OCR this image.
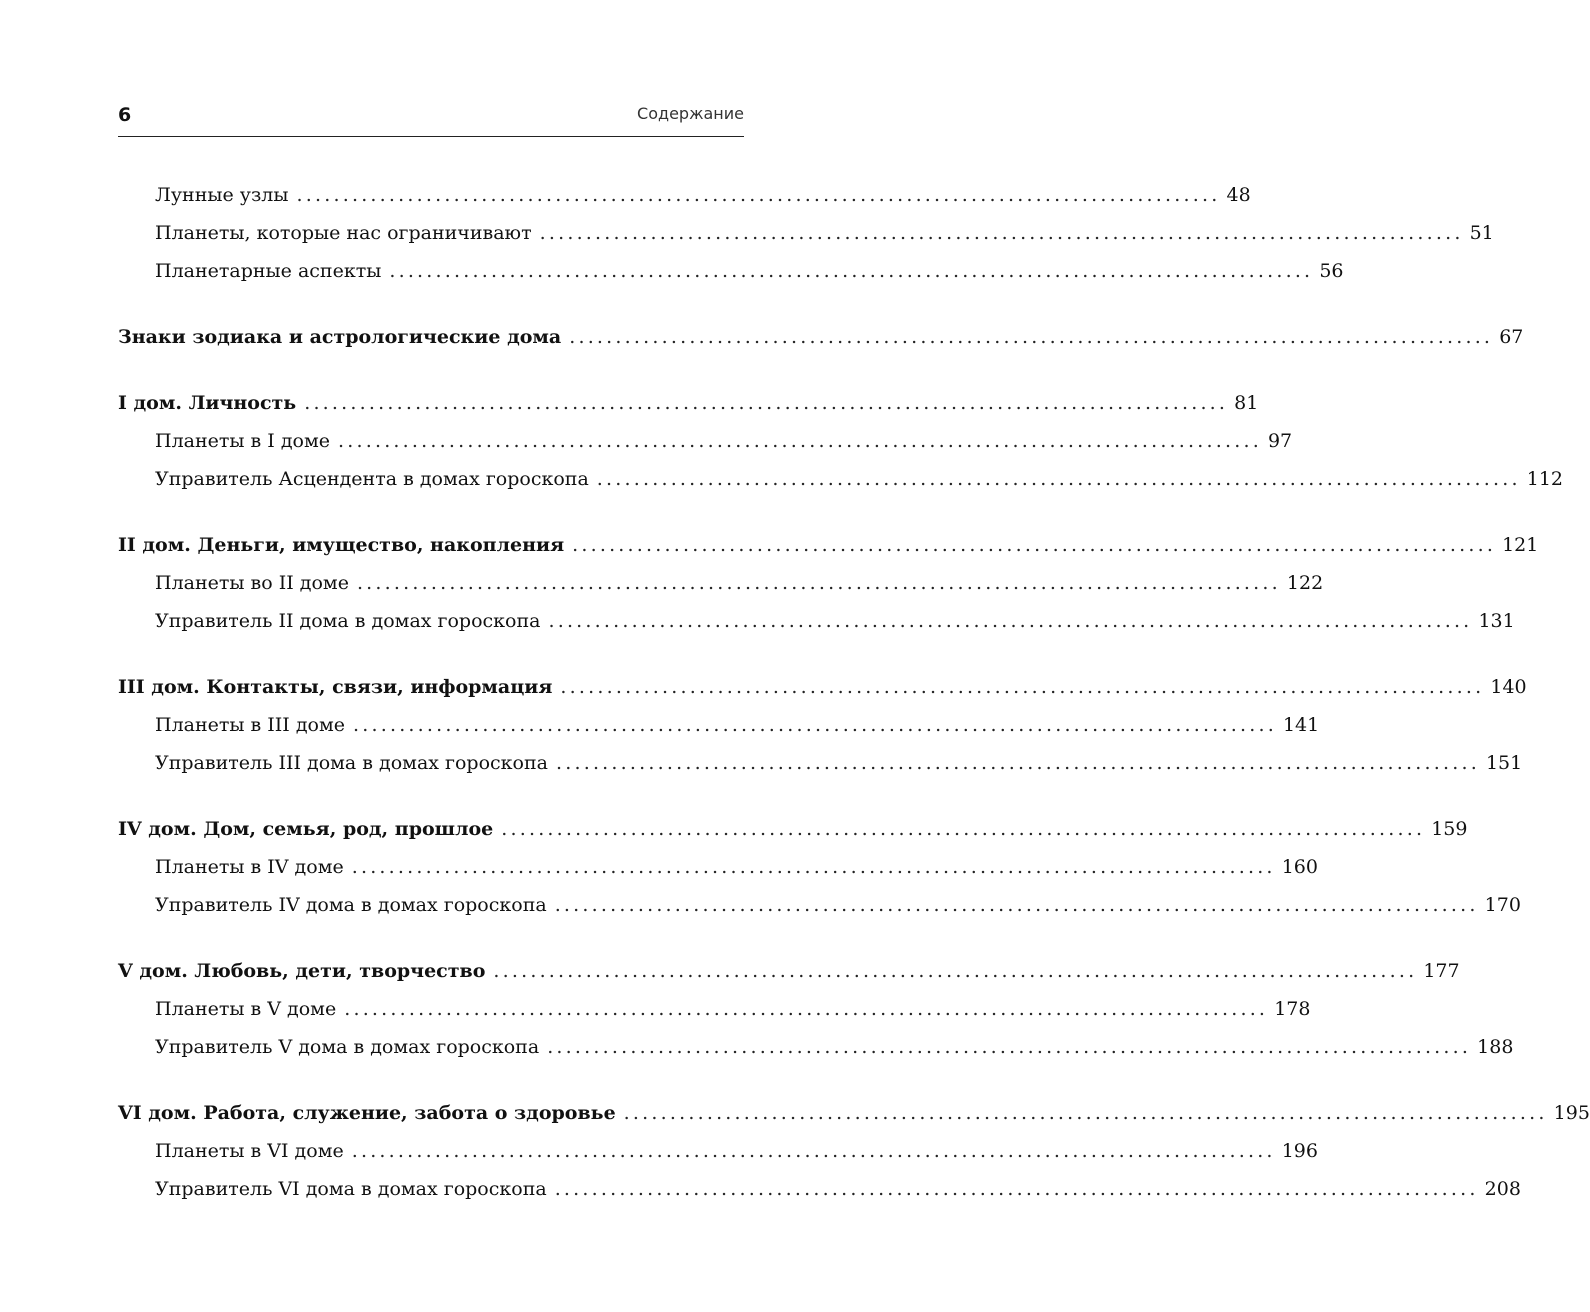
6	Содержание
Лунные узлы .................................................................................................... 48
Планеты, которые нас ограничивают .................................................................................................... 51
Планетарные аспекты .................................................................................................... 56
Знаки зодиака и астрологические дома .................................................................................................... 67
I дом. Личность .................................................................................................... 81
Планеты в I доме .................................................................................................... 97
Управитель Асцендента в домах гороскопа .................................................................................................... 112
II дом. Деньги, имущество, накопления .................................................................................................... 121
Планеты во II доме .................................................................................................... 122
Управитель II дома в домах гороскопа .................................................................................................... 131
III дом. Контакты, связи, информация .................................................................................................... 140
Планеты в III доме .................................................................................................... 141
Управитель III дома в домах гороскопа .................................................................................................... 151
IV дом. Дом, семья, род, прошлое .................................................................................................... 159
Планеты в IV доме .................................................................................................... 160
Управитель IV дома в домах гороскопа .................................................................................................... 170
V дом. Любовь, дети, творчество .................................................................................................... 177
Планеты в V доме .................................................................................................... 178
Управитель V дома в домах гороскопа .................................................................................................... 188
VI дом. Работа, служение, забота о здоровье .................................................................................................... 195
Планеты в VI доме .................................................................................................... 196
Управитель VI дома в домах гороскопа .................................................................................................... 208
